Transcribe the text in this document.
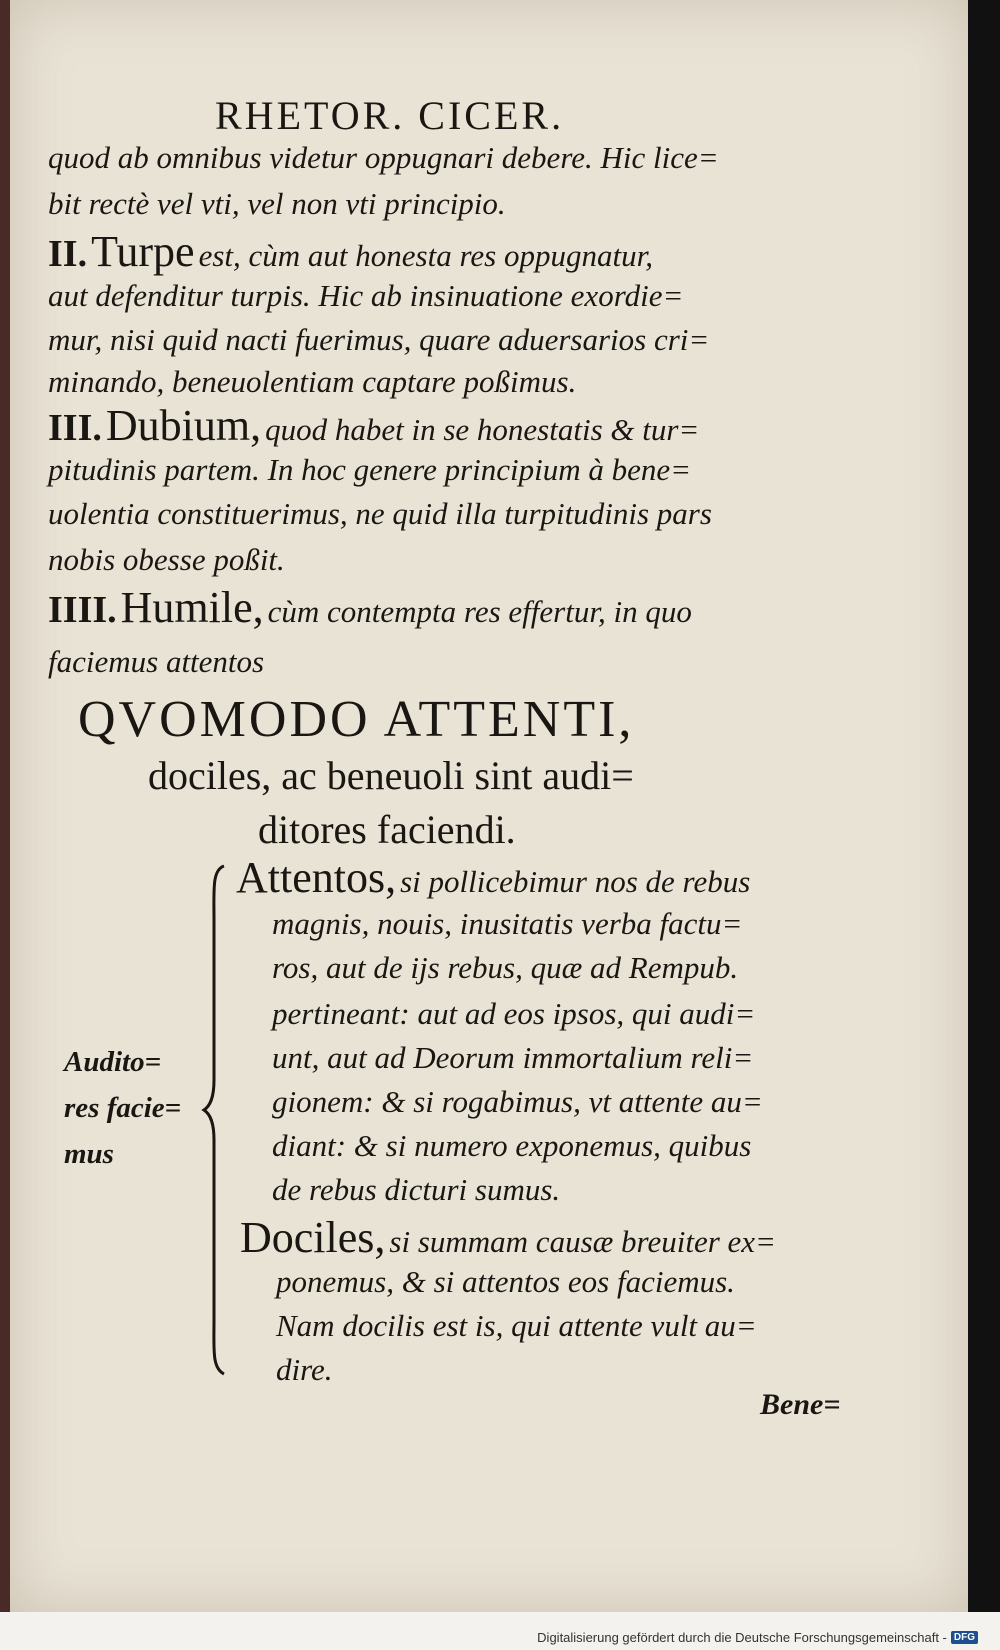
RHETOR. CICER.
quod ab omnibus videtur oppugnari debere. Hic lice=
bit rectè vel vti, vel non vti principio.
II. Turpe est, cùm aut honesta res oppugnatur,
aut defenditur turpis. Hic ab insinuatione exordie=
mur, nisi quid nacti fuerimus, quare aduersarios cri=
minando, beneuolentiam captare poßimus.
III. Dubium, quod habet in se honestatis & tur=
pitudinis partem. In hoc genere principium à bene=
uolentia constituerimus, ne quid illa turpitudinis pars
nobis obesse poßit.
IIII. Humile, cùm contempta res effertur, in quo
faciemus attentos
QVOMODO ATTENTI,
dociles, ac beneuoli sint audi=
ditores faciendi.
Audito=
res facie=
mus
Attentos, si pollicebimur nos de rebus
magnis, nouis, inusitatis verba factu=
ros, aut de ijs rebus, quæ ad Rempub.
pertineant: aut ad eos ipsos, qui audi=
unt, aut ad Deorum immortalium reli=
gionem: & si rogabimus, vt attente au=
diant: & si numero exponemus, quibus
de rebus dicturi sumus.
Dociles, si summam causæ breuiter ex=
ponemus, & si attentos eos faciemus.
Nam docilis est is, qui attente vult au=
dire.
Bene=
Digitalisierung gefördert durch die Deutsche Forschungsgemeinschaft - DFG
